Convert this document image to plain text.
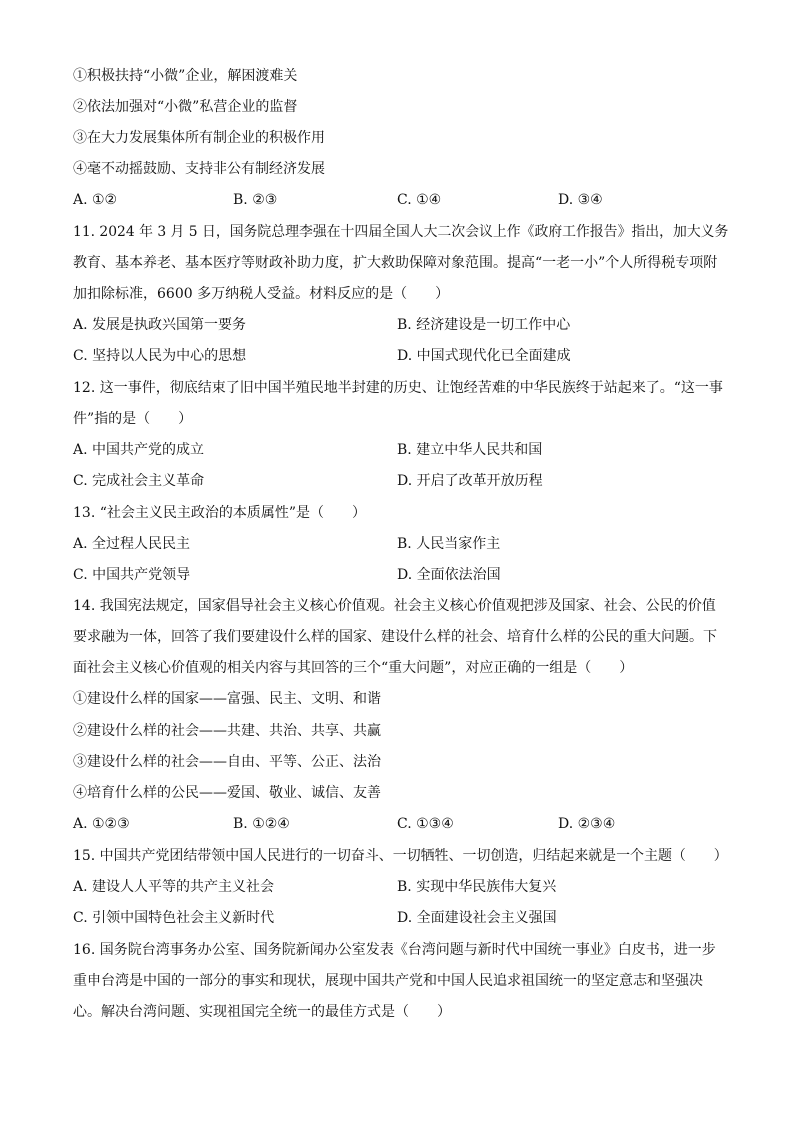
①积极扶持“小微”企业，解困渡难关
②依法加强对“小微”私营企业的监督
③在大力发展集体所有制企业的积极作用
④毫不动摇鼓励、支持非公有制经济发展
A. ①②	B. ②③	C. ①④	D. ③④
11. 2024 年 3 月 5 日，国务院总理李强在十四届全国人大二次会议上作《政府工作报告》指出，加大义务
教育、基本养老、基本医疗等财政补助力度，扩大救助保障对象范围。提高“一老一小”个人所得税专项附
加扣除标准，6600 多万纳税人受益。材料反应的是（　　）
A. 发展是执政兴国第一要务	B. 经济建设是一切工作中心
C. 坚持以人民为中心的思想	D. 中国式现代化已全面建成
12. 这一事件，彻底结束了旧中国半殖民地半封建的历史、让饱经苦难的中华民族终于站起来了。“这一事
件”指的是（　　）
A. 中国共产党的成立	B. 建立中华人民共和国
C. 完成社会主义革命	D. 开启了改革开放历程
13. “社会主义民主政治的本质属性”是（　　）
A. 全过程人民民主	B. 人民当家作主
C. 中国共产党领导	D. 全面依法治国
14. 我国宪法规定，国家倡导社会主义核心价值观。社会主义核心价值观把涉及国家、社会、公民的价值
要求融为一体，回答了我们要建设什么样的国家、建设什么样的社会、培育什么样的公民的重大问题。下
面社会主义核心价值观的相关内容与其回答的三个“重大问题”，对应正确的一组是（　　）
①建设什么样的国家——富强、民主、文明、和谐
②建设什么样的社会——共建、共治、共享、共赢
③建设什么样的社会——自由、平等、公正、法治
④培育什么样的公民——爱国、敬业、诚信、友善
A. ①②③	B. ①②④	C. ①③④	D. ②③④
15. 中国共产党团结带领中国人民进行的一切奋斗、一切牺牲、一切创造，归结起来就是一个主题（　　）
A. 建设人人平等的共产主义社会	B. 实现中华民族伟大复兴
C. 引领中国特色社会主义新时代	D. 全面建设社会主义强国
16. 国务院台湾事务办公室、国务院新闻办公室发表《台湾问题与新时代中国统一事业》白皮书，进一步
重申台湾是中国的一部分的事实和现状，展现中国共产党和中国人民追求祖国统一的坚定意志和坚强决
心。解决台湾问题、实现祖国完全统一的最佳方式是（　　）
